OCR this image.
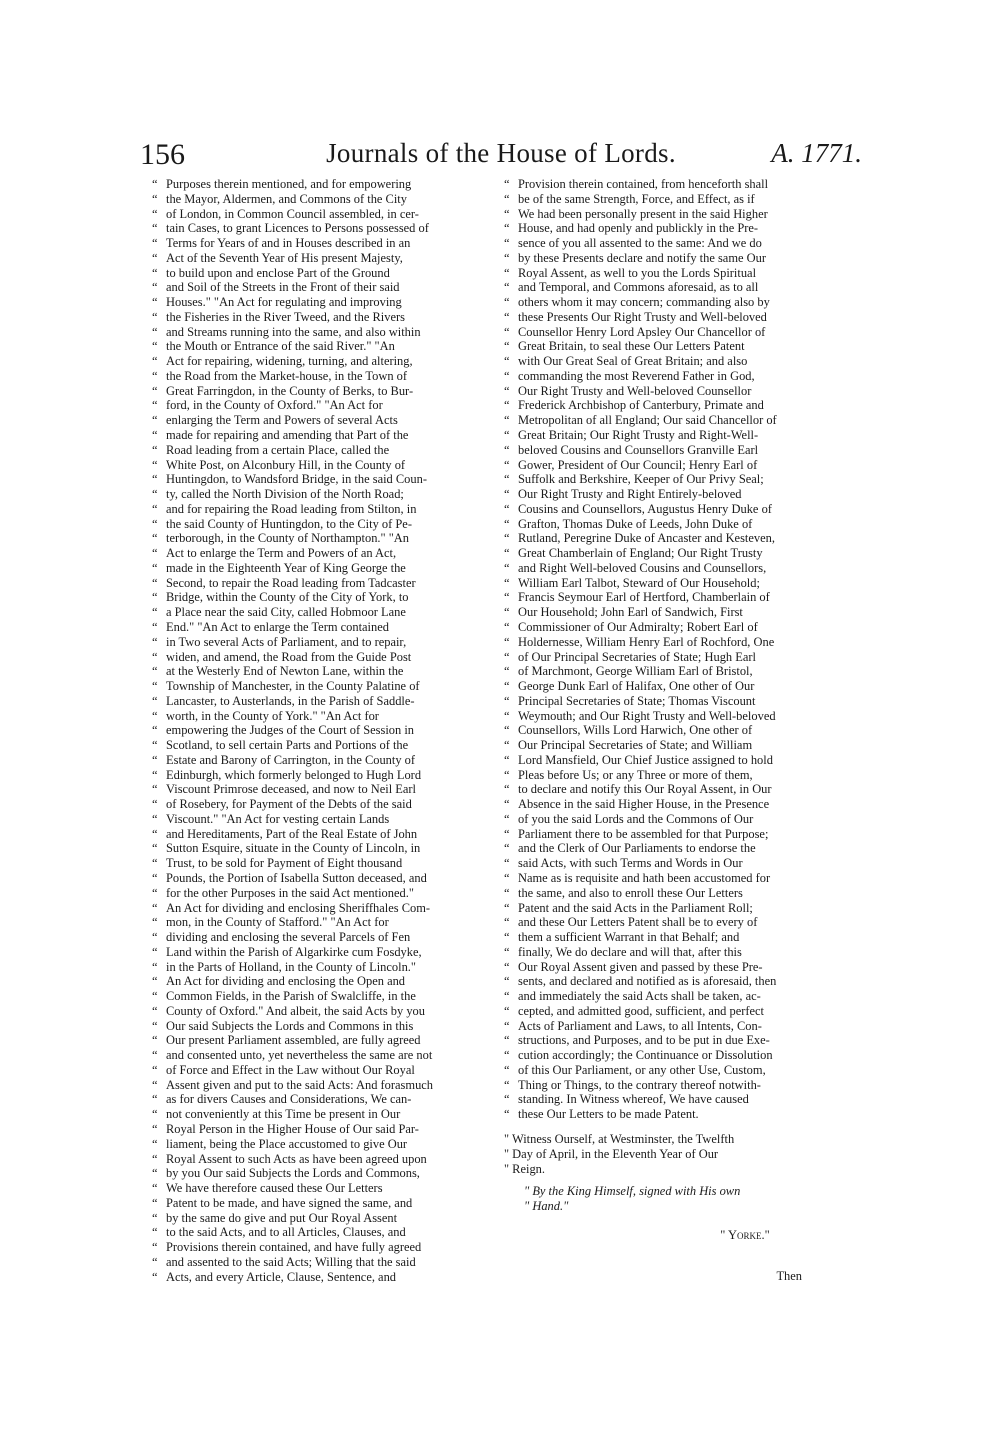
156	Journals of the House of Lords.	A. 1771.
“ Purposes therein mentioned, and for empowering
“ the Mayor, Aldermen, and Commons of the City
“ of London, in Common Council assembled, in cer-
“ tain Cases, to grant Licences to Persons possessed of
“ Terms for Years of and in Houses described in an
“ Act of the Seventh Year of His present Majesty,
“ to build upon and enclose Part of the Ground
“ and Soil of the Streets in the Front of their said
“ Houses." "An Act for regulating and improving
“ the Fisheries in the River Tweed, and the Rivers
“ and Streams running into the same, and also within
“ the Mouth or Entrance of the said River." "An
“ Act for repairing, widening, turning, and altering,
“ the Road from the Market-house, in the Town of
“ Great Farringdon, in the County of Berks, to Bur-
“ ford, in the County of Oxford." "An Act for
“ enlarging the Term and Powers of several Acts
“ made for repairing and amending that Part of the
“ Road leading from a certain Place, called the
“ White Post, on Alconbury Hill, in the County of
“ Huntingdon, to Wandsford Bridge, in the said Coun-
“ ty, called the North Division of the North Road;
“ and for repairing the Road leading from Stilton, in
“ the said County of Huntingdon, to the City of Pe-
“ terborough, in the County of Northampton." "An
“ Act to enlarge the Term and Powers of an Act,
“ made in the Eighteenth Year of King George the
“ Second, to repair the Road leading from Tadcaster
“ Bridge, within the County of the City of York, to
“ a Place near the said City, called Hobmoor Lane
“ End." "An Act to enlarge the Term contained
“ in Two several Acts of Parliament, and to repair,
“ widen, and amend, the Road from the Guide Post
“ at the Westerly End of Newton Lane, within the
“ Township of Manchester, in the County Palatine of
“ Lancaster, to Austerlands, in the Parish of Saddle-
“ worth, in the County of York." "An Act for
“ empowering the Judges of the Court of Session in
“ Scotland, to sell certain Parts and Portions of the
“ Estate and Barony of Carrington, in the County of
“ Edinburgh, which formerly belonged to Hugh Lord
“ Viscount Primrose deceased, and now to Neil Earl
“ of Rosebery, for Payment of the Debts of the said
“ Viscount." "An Act for vesting certain Lands
“ and Hereditaments, Part of the Real Estate of John
“ Sutton Esquire, situate in the County of Lincoln, in
“ Trust, to be sold for Payment of Eight thousand
“ Pounds, the Portion of Isabella Sutton deceased, and
“ for the other Purposes in the said Act mentioned."
“ An Act for dividing and enclosing Sheriffhales Com-
“ mon, in the County of Stafford." "An Act for
“ dividing and enclosing the several Parcels of Fen
“ Land within the Parish of Algarkirke cum Fosdyke,
“ in the Parts of Holland, in the County of Lincoln."
“ An Act for dividing and enclosing the Open and
“ Common Fields, in the Parish of Swalcliffe, in the
“ County of Oxford." And albeit, the said Acts by you
“ Our said Subjects the Lords and Commons in this
“ Our present Parliament assembled, are fully agreed
“ and consented unto, yet nevertheless the same are not
“ of Force and Effect in the Law without Our Royal
“ Assent given and put to the said Acts: And forasmuch
“ as for divers Causes and Considerations, We can-
“ not conveniently at this Time be present in Our
“ Royal Person in the Higher House of Our said Par-
“ liament, being the Place accustomed to give Our
“ Royal Assent to such Acts as have been agreed upon
“ by you Our said Subjects the Lords and Commons,
“ We have therefore caused these Our Letters
“ Patent to be made, and have signed the same, and
“ by the same do give and put Our Royal Assent
“ to the said Acts, and to all Articles, Clauses, and
“ Provisions therein contained, and have fully agreed
“ and assented to the said Acts; Willing that the said
“ Acts, and every Article, Clause, Sentence, and
“ Provision therein contained, from henceforth shall
“ be of the same Strength, Force, and Effect, as if
“ We had been personally present in the said Higher
“ House, and had openly and publickly in the Pre-
“ sence of you all assented to the same: And we do
“ by these Presents declare and notify the same Our
“ Royal Assent, as well to you the Lords Spiritual
“ and Temporal, and Commons aforesaid, as to all
“ others whom it may concern; commanding also by
“ these Presents Our Right Trusty and Well-beloved
“ Counsellor Henry Lord Apsley Our Chancellor of
“ Great Britain, to seal these Our Letters Patent
“ with Our Great Seal of Great Britain; and also
“ commanding the most Reverend Father in God,
“ Our Right Trusty and Well-beloved Counsellor
“ Frederick Archbishop of Canterbury, Primate and
“ Metropolitan of all England; Our said Chancellor of
“ Great Britain; Our Right Trusty and Right-Well-
“ beloved Cousins and Counsellors Granville Earl
“ Gower, President of Our Council; Henry Earl of
“ Suffolk and Berkshire, Keeper of Our Privy Seal;
“ Our Right Trusty and Right Entirely-beloved
“ Cousins and Counsellors, Augustus Henry Duke of
“ Grafton, Thomas Duke of Leeds, John Duke of
“ Rutland, Peregrine Duke of Ancaster and Kesteven,
“ Great Chamberlain of England; Our Right Trusty
“ and Right Well-beloved Cousins and Counsellors,
“ William Earl Talbot, Steward of Our Household;
“ Francis Seymour Earl of Hertford, Chamberlain of
“ Our Household; John Earl of Sandwich, First
“ Commissioner of Our Admiralty; Robert Earl of
“ Holdernesse, William Henry Earl of Rochford, One
“ of Our Principal Secretaries of State; Hugh Earl
“ of Marchmont, George William Earl of Bristol,
“ George Dunk Earl of Halifax, One other of Our
“ Principal Secretaries of State; Thomas Viscount
“ Weymouth; and Our Right Trusty and Well-beloved
“ Counsellors, Wills Lord Harwich, One other of
“ Our Principal Secretaries of State; and William
“ Lord Mansfield, Our Chief Justice assigned to hold
“ Pleas before Us; or any Three or more of them,
“ to declare and notify this Our Royal Assent, in Our
“ Absence in the said Higher House, in the Presence
“ of you the said Lords and the Commons of Our
“ Parliament there to be assembled for that Purpose;
“ and the Clerk of Our Parliaments to endorse the
“ said Acts, with such Terms and Words in Our
“ Name as is requisite and hath been accustomed for
“ the same, and also to enroll these Our Letters
“ Patent and the said Acts in the Parliament Roll;
“ and these Our Letters Patent shall be to every of
“ them a sufficient Warrant in that Behalf; and
“ finally, We do declare and will that, after this
“ Our Royal Assent given and passed by these Pre-
“ sents, and declared and notified as is aforesaid, then
“ and immediately the said Acts shall be taken, ac-
“ cepted, and admitted good, sufficient, and perfect
“ Acts of Parliament and Laws, to all Intents, Con-
“ structions, and Purposes, and to be put in due Exe-
“ cution accordingly; the Continuance or Dissolution
“ of this Our Parliament, or any other Use, Custom,
“ Thing or Things, to the contrary thereof notwith-
“ standing. In Witness whereof, We have caused
“ these Our Letters to be made Patent.
" Witness Ourself, at Westminster, the Twelfth
" Day of April, in the Eleventh Year of Our
" Reign.
" By the King Himself, signed with His own
" Hand."
" Yorke."
Then
